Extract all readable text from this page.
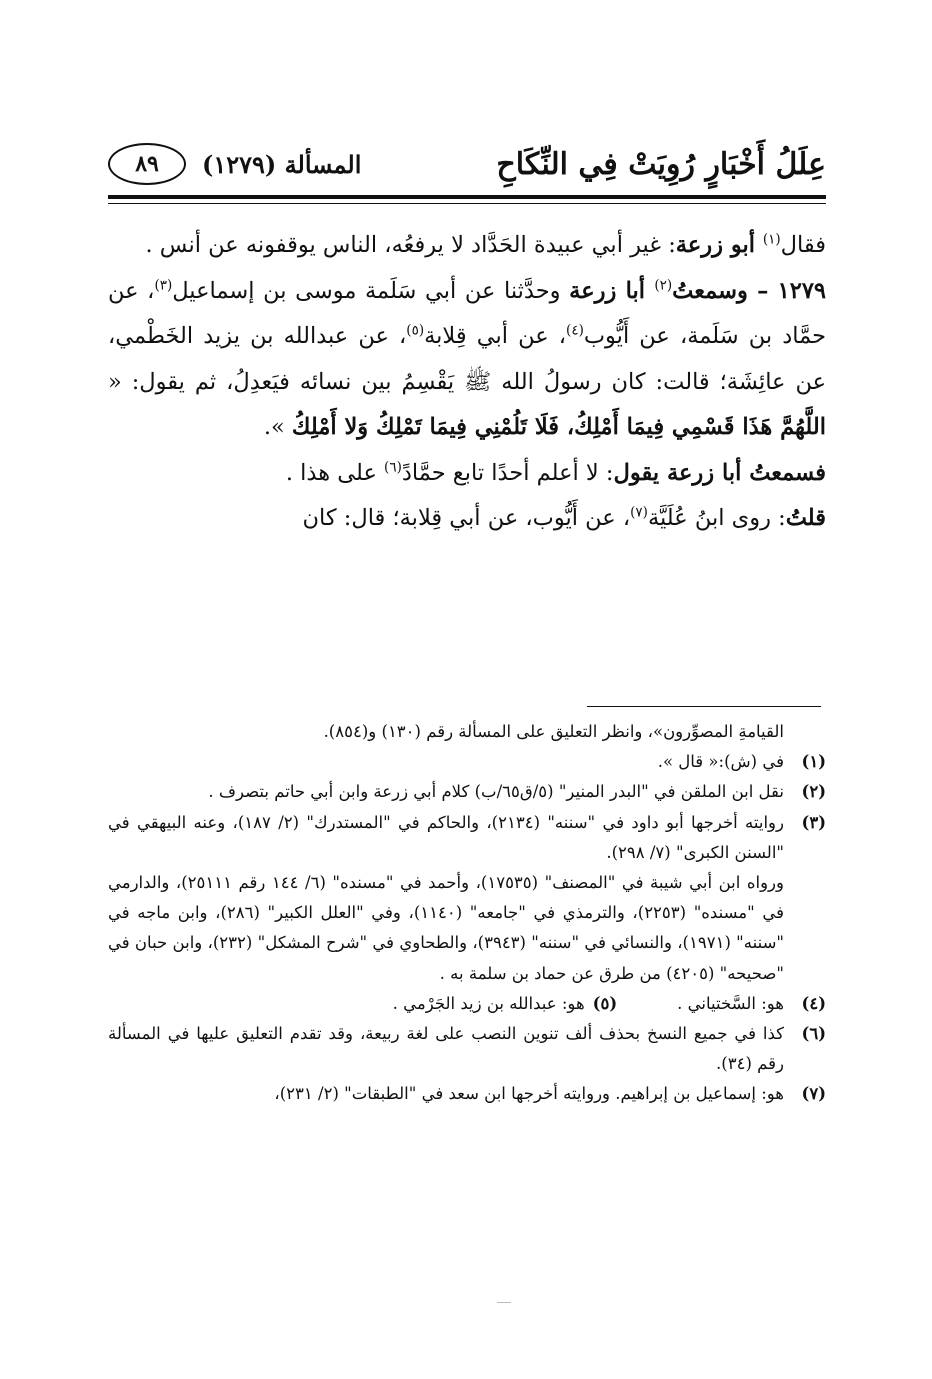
عِلَلُ أَخْبَارٍ رُوِيَتْ فِي النِّكَاحِ
المسألة (١٢٧٩)
٨٩

فقال$^{(١)}$ أبو زرعة: غير أبي عبيدة الحَدَّاد لا يرفعُه، الناس يوقفونه عن أنس .

١٢٧٩ – وسمعتُ$^{(٢)}$ أبا زرعة وحدَّثنا عن أبي سَلَمة موسى بن إسماعيل$^{(٣)}$، عن حمَّاد بن سَلَمة، عن أَيُّوب$^{(٤)}$، عن أبي قِلابة$^{(٥)}$، عن عبدالله بن يزيد الخَطْمي، عن عائِشَة؛ قالت: كان رسولُ الله ﷺ يَقْسِمُ بين نسائه فيَعدِلُ، ثم يقول: « اللَّهُمَّ هَذَا قَسْمِي فِيمَا أَمْلِكُ، فَلَا تَلُمْنِي فِيمَا تَمْلِكُ وَلا أَمْلِكُ ».

فسمعتُ أبا زرعة يقول: لا أعلم أحدًا تابع حمَّادً$^{(٦)}$ على هذا .

قلتُ: روى ابنُ عُلَيَّة$^{(٧)}$، عن أَيُّوب، عن أبي قِلابة؛ قال: كان

القيامةِ المصوِّرون»، وانظر التعليق على المسألة رقم (١٣٠) و(٨٥٤).

(١)
في (ش):« قال ».
(٢)
نقل ابن الملقن في "البدر المنير" (٥/ق٦٥/ب) كلام أبي زرعة وابن أبي حاتم بتصرف .
(٣)
روايته أخرجها أبو داود في "سننه" (٢١٣٤)، والحاكم في "المستدرك" (٢/ ١٨٧)، وعنه البيهقي في "السنن الكبرى" (٧/ ٢٩٨).
ورواه ابن أبي شيبة في "المصنف" (١٧٥٣٥)، وأحمد في "مسنده" (٦/ ١٤٤ رقم ٢٥١١١)، والدارمي في "مسنده" (٢٢٥٣)، والترمذي في "جامعه" (١١٤٠)، وفي "العلل الكبير" (٢٨٦)، وابن ماجه في "سننه" (١٩٧١)، والنسائي في "سننه" (٣٩٤٣)، والطحاوي في "شرح المشكل" (٢٣٢)، وابن حبان في "صحيحه" (٤٢٠٥) من طرق عن حماد بن سلمة به .
(٤)
هو: السَّختياني .
(٥)
هو: عبدالله بن زيد الجَرْمي .
(٦)
كذا في جميع النسخ بحذف ألف تنوين النصب على لغة ربيعة، وقد تقدم التعليق عليها في المسألة رقم (٣٤).
(٧)
هو: إسماعيل بن إبراهيم. وروايته أخرجها ابن سعد في "الطبقات" (٢/ ٢٣١)،
